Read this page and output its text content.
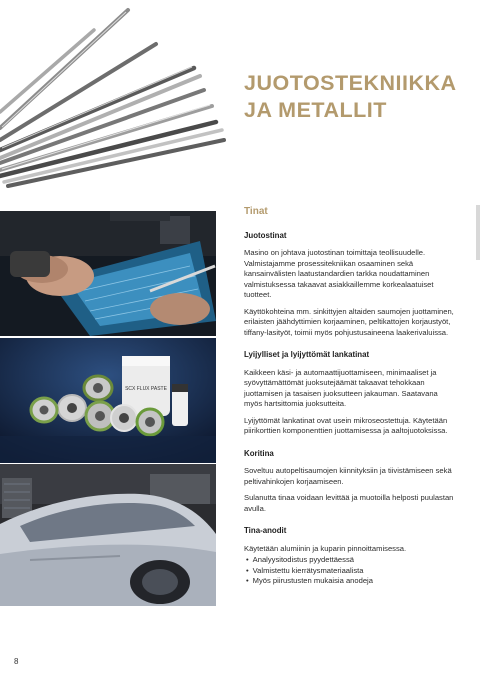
JUOTOSTEKNIIKKA
JA METALLIT
SCX FLUX PASTE
Tinat
Juotostinat

Masino on johtava juotostinan toimittaja teollisuudelle. Valmistajamme prosessitekniikan osaaminen sekä kansainvälisten laatustandardien tarkka noudattaminen valmistuksessa takaavat asiakkaillemme korkealaatuiset tuotteet.

Käyttökohteina mm. sinkittyjen altaiden saumojen juottaminen, erilaisten jäähdyttimien korjaaminen, peltikattojen korjaustyöt, tiffany-lasityöt, toimii myös pohjustusaineena laakerivaluissa.

Lyijylliset ja lyijyttömät lankatinat

Kaikkeen käsi- ja automaattijuottamiseen, minimaaliset ja syövyttämättömät juoksutejäämät takaavat tehokkaan juottamisen ja tasaisen juoksutteen jakauman. Saatavana myös hartsittomia juoksutteita.

Lyijyttömät lankatinat ovat usein mikroseostettuja. Käytetään piirikorttien komponenttien juottamisessa ja aaltojuotoksissa.

Koritina

Soveltuu autopeltisaumojen kiinnityksiin ja tiivistämiseen sekä peltivahinkojen korjaamiseen.

Sulanutta tinaa voidaan levittää ja muotoilla helposti puulastan avulla.

Tina-anodit

Käytetään alumiinin ja kuparin pinnoittamisessa.

• Analyysitodistus pyydettäessä
• Valmistettu kierrätysmateriaalista
• Myös piirustusten mukaisia anodeja
8
